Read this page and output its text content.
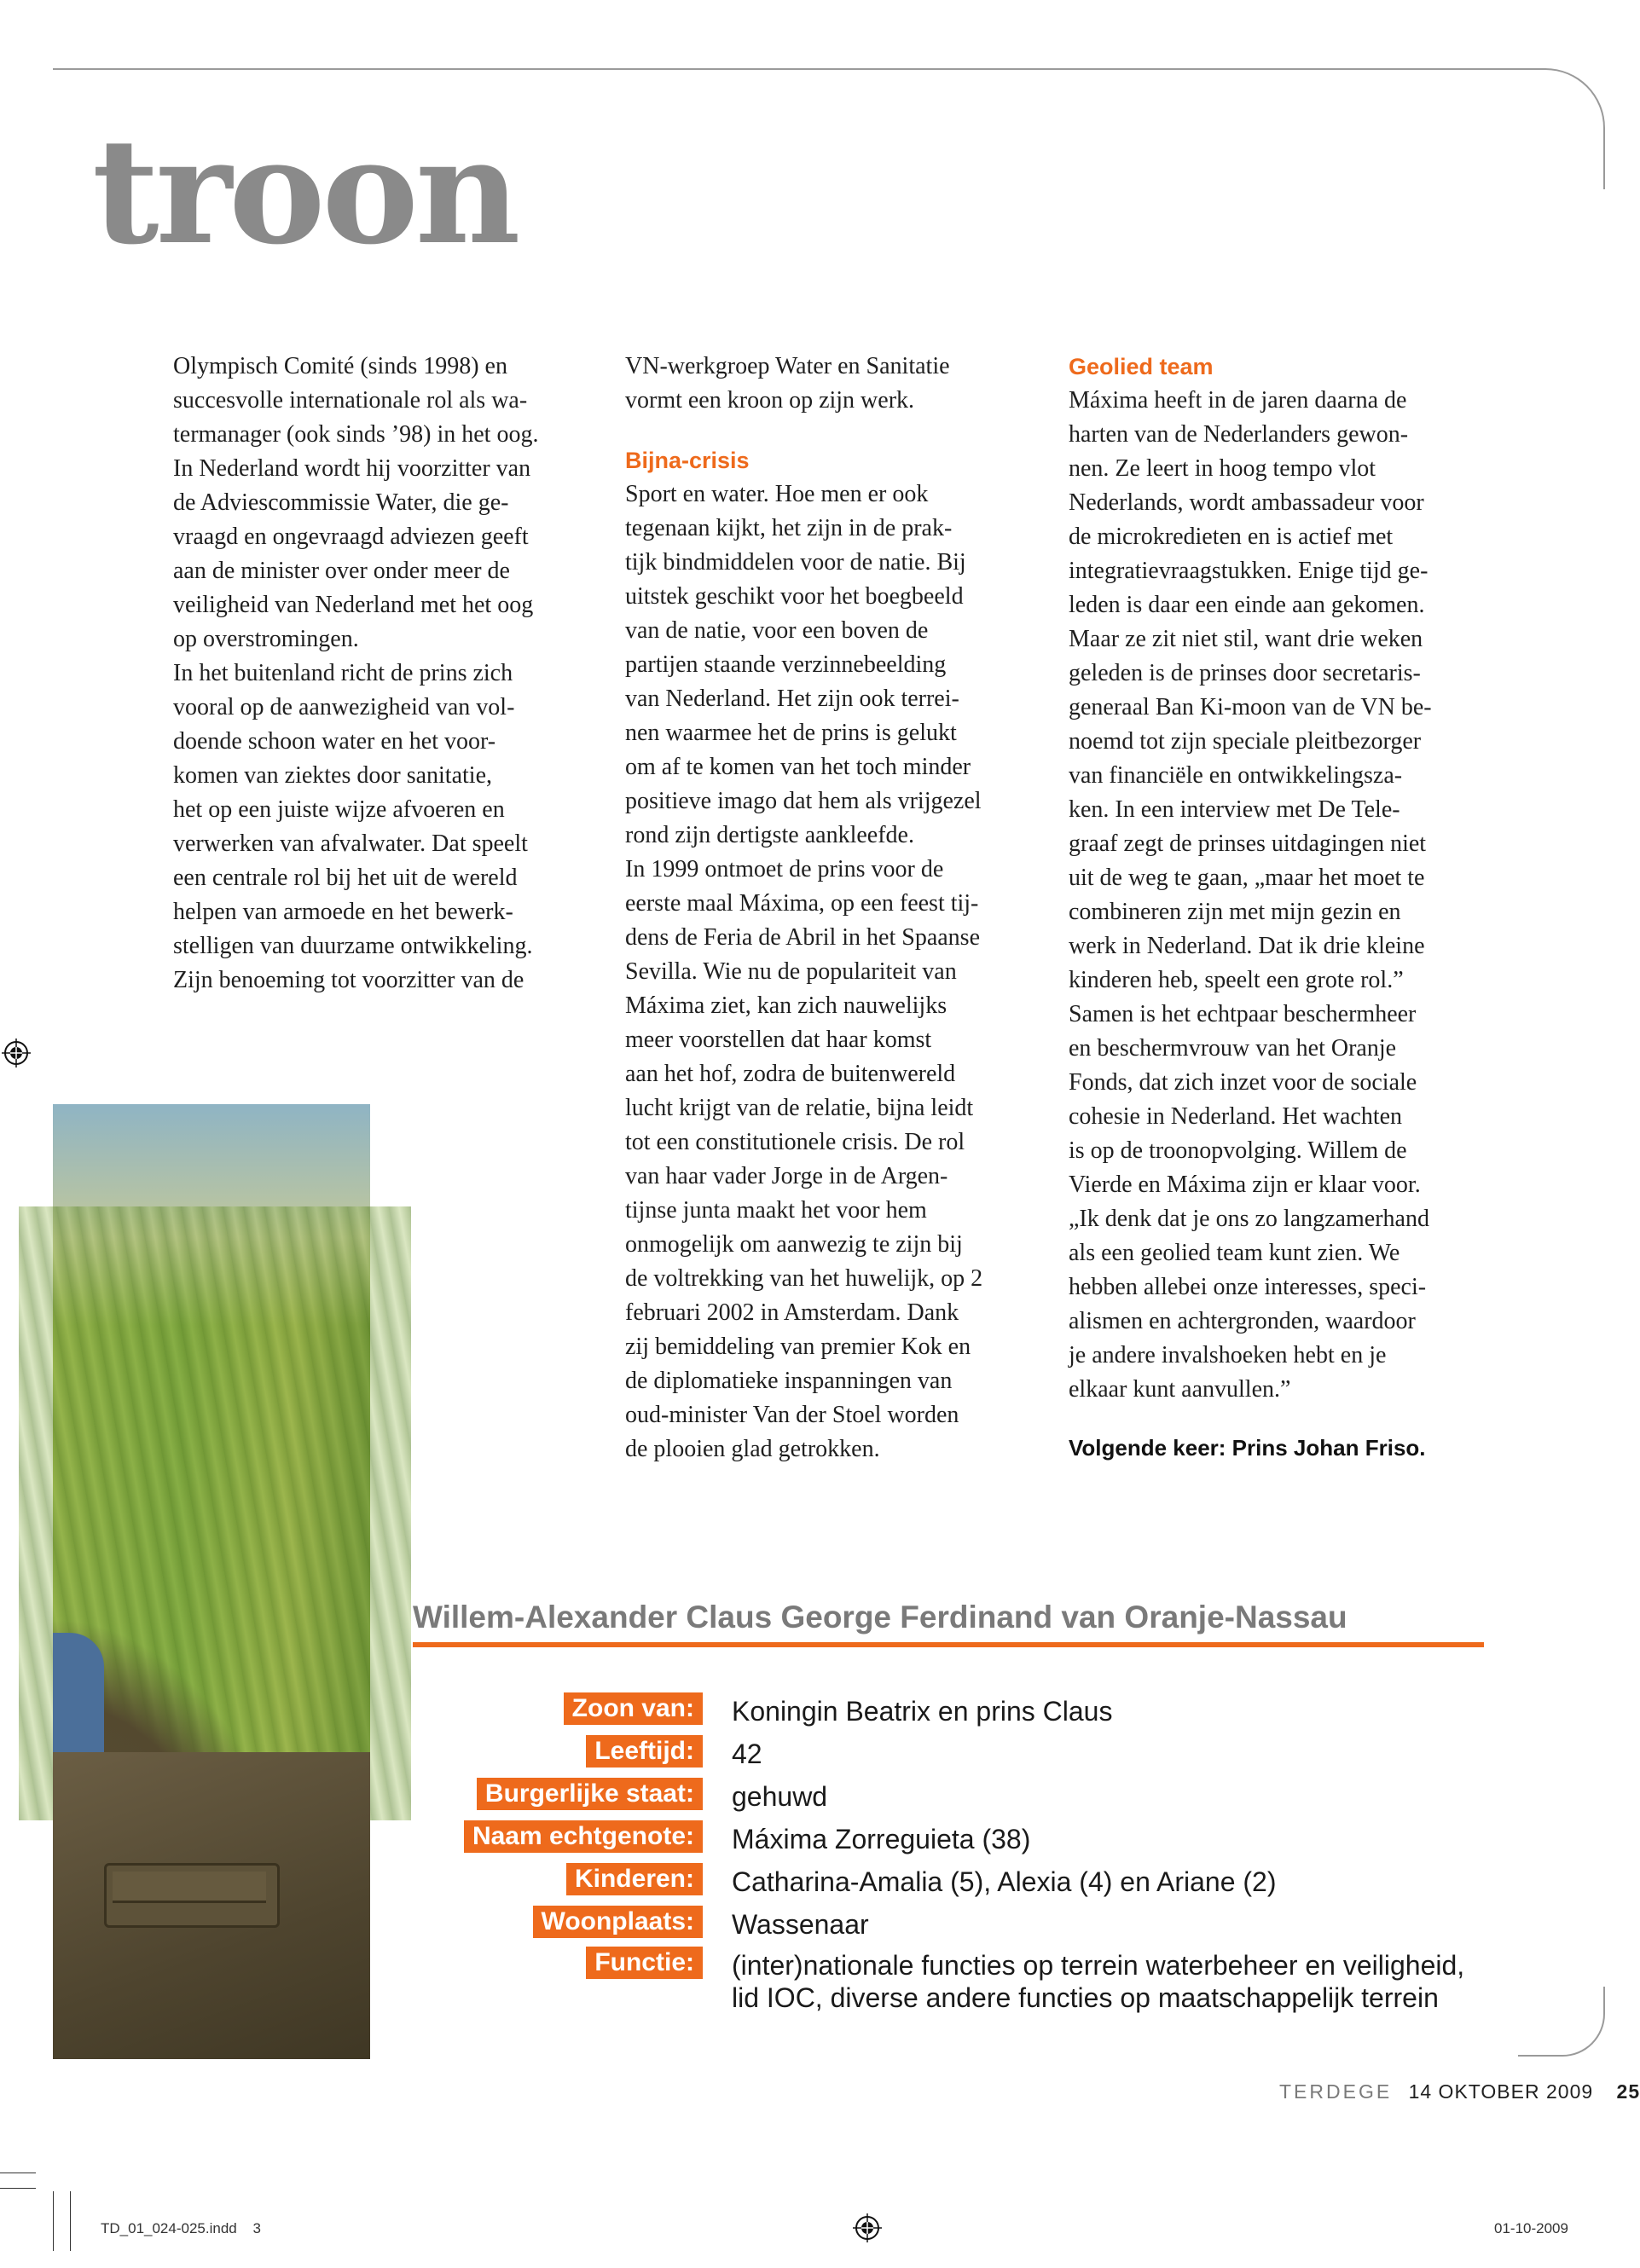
troon

Olympisch Comité (sinds 1998) en

succesvolle internationale rol als wa-

termanager (ook sinds ’98) in het oog.

In Nederland wordt hij voorzitter van

de Adviescommissie Water, die ge-

vraagd en ongevraagd adviezen geeft

aan de minister over onder meer de

veiligheid van Nederland met het oog

op overstromingen.

In het buitenland richt de prins zich

vooral op de aanwezigheid van vol-

doende schoon water en het voor-

komen van ziektes door sanitatie,

het op een juiste wijze afvoeren en

verwerken van afvalwater. Dat speelt

een centrale rol bij het uit de wereld

helpen van armoede en het bewerk-

stelligen van duurzame ontwikkeling.

Zijn benoeming tot voorzitter van de

VN-werkgroep Water en Sanitatie

vormt een kroon op zijn werk.

Bijna-crisis

Sport en water. Hoe men er ook

tegenaan kijkt, het zijn in de prak-

tijk bindmiddelen voor de natie. Bij

uitstek geschikt voor het boegbeeld

van de natie, voor een boven de

partijen staande verzinnebeelding

van Nederland. Het zijn ook terrei-

nen waarmee het de prins is gelukt

om af te komen van het toch minder

positieve imago dat hem als vrijgezel

rond zijn dertigste aankleefde.

In 1999 ontmoet de prins voor de

eerste maal Máxima, op een feest tij-

dens de Feria de Abril in het Spaanse

Sevilla. Wie nu de populariteit van

Máxima ziet, kan zich nauwelijks

meer voorstellen dat haar komst

aan het hof, zodra de buitenwereld

lucht krijgt van de relatie, bijna leidt

tot een constitutionele crisis. De rol

van haar vader Jorge in de Argen-

tijnse junta maakt het voor hem

onmogelijk om aanwezig te zijn bij

de voltrekking van het huwelijk, op 2

februari 2002 in Amsterdam. Dank

zij bemiddeling van premier Kok en

de diplomatieke inspanningen van

oud-minister Van der Stoel worden

de plooien glad getrokken.

Geolied team

Máxima heeft in de jaren daarna de

harten van de Nederlanders gewon-

nen. Ze leert in hoog tempo vlot

Nederlands, wordt ambassadeur voor

de microkredieten en is actief met

integratievraagstukken. Enige tijd ge-

leden is daar een einde aan gekomen.

Maar ze zit niet stil, want drie weken

geleden is de prinses door secretaris-

generaal Ban Ki-moon van de VN be-

noemd tot zijn speciale pleitbezorger

van financiële en ontwikkelingsza-

ken. In een interview met De Tele-

graaf zegt de prinses uitdagingen niet

uit de weg te gaan, „maar het moet te

combineren zijn met mijn gezin en

werk in Nederland. Dat ik drie kleine

kinderen heb, speelt een grote rol.”

Samen is het echtpaar beschermheer

en beschermvrouw van het Oranje

Fonds, dat zich inzet voor de sociale

cohesie in Nederland. Het wachten

is op de troonopvolging. Willem de

Vierde en Máxima zijn er klaar voor.

„Ik denk dat je ons zo langzamerhand

als een geolied team kunt zien. We

hebben allebei onze interesses, speci-

alismen en achtergronden, waardoor

je andere invalshoeken hebt en je

elkaar kunt aanvullen.”

Volgende keer: Prins Johan Friso.

Willem-Alexander Claus George Ferdinand van Oranje-Nassau
Zoon van:	Koningin Beatrix en prins Claus
Leeftijd:	42
Burgerlijke staat:	gehuwd
Naam echtgenote:	Máxima Zorreguieta (38)
Kinderen:	Catharina-Amalia (5), Alexia (4) en Ariane (2)
Woonplaats:	Wassenaar
Functie:	(inter)nationale functies op terrein waterbeheer en veiligheid,
lid IOC, diverse andere functies op maatschappelijk terrein
TERDEGE 14 OKTOBER 2009 25
TD_01_024-025.indd 3	01-10-2009
